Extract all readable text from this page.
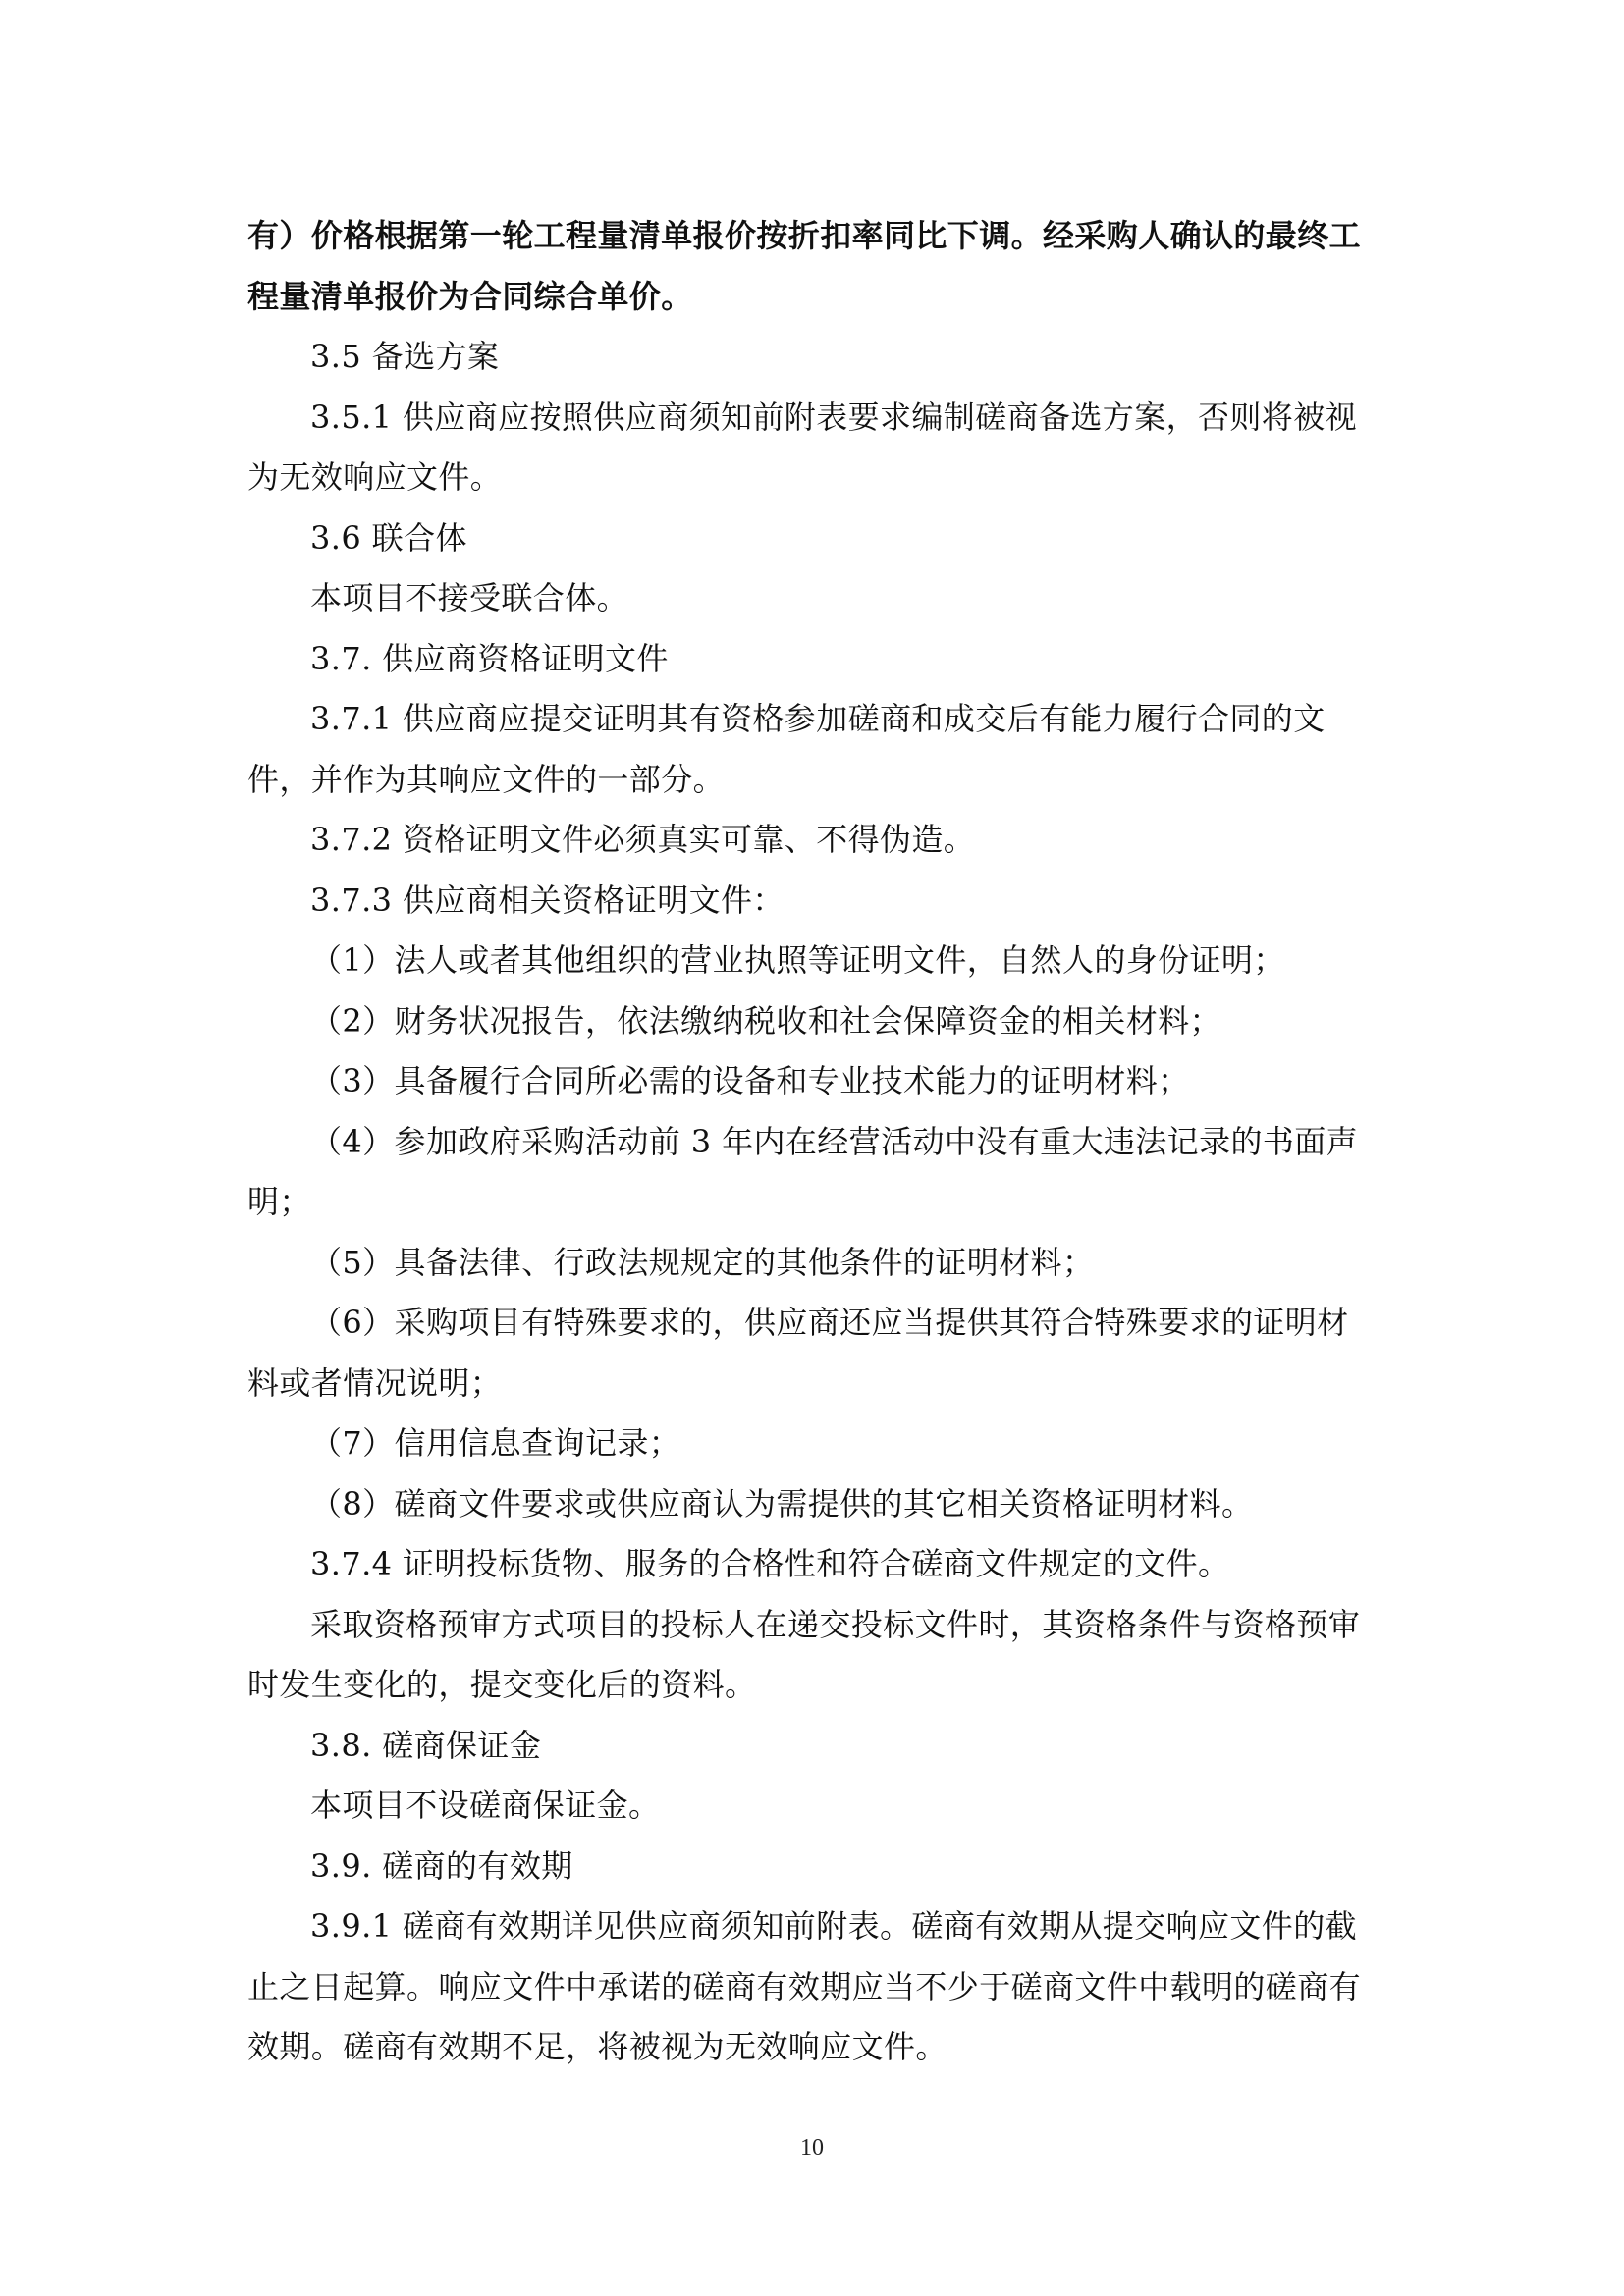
有）价格根据第一轮工程量清单报价按折扣率同比下调。经采购人确认的最终工
程量清单报价为合同综合单价。
3.5 备选方案
3.5.1 供应商应按照供应商须知前附表要求编制磋商备选方案，否则将被视
为无效响应文件。
3.6 联合体
本项目不接受联合体。
3.7. 供应商资格证明文件
3.7.1 供应商应提交证明其有资格参加磋商和成交后有能力履行合同的文
件，并作为其响应文件的一部分。
3.7.2 资格证明文件必须真实可靠、不得伪造。
3.7.3 供应商相关资格证明文件：
（1）法人或者其他组织的营业执照等证明文件，自然人的身份证明；
（2）财务状况报告，依法缴纳税收和社会保障资金的相关材料；
（3）具备履行合同所必需的设备和专业技术能力的证明材料；
（4）参加政府采购活动前 3 年内在经营活动中没有重大违法记录的书面声
明；
（5）具备法律、行政法规规定的其他条件的证明材料；
（6）采购项目有特殊要求的，供应商还应当提供其符合特殊要求的证明材
料或者情况说明；
（7）信用信息查询记录；
（8）磋商文件要求或供应商认为需提供的其它相关资格证明材料。
3.7.4 证明投标货物、服务的合格性和符合磋商文件规定的文件。
采取资格预审方式项目的投标人在递交投标文件时，其资格条件与资格预审
时发生变化的，提交变化后的资料。
3.8. 磋商保证金
本项目不设磋商保证金。
3.9. 磋商的有效期
3.9.1 磋商有效期详见供应商须知前附表。磋商有效期从提交响应文件的截
止之日起算。响应文件中承诺的磋商有效期应当不少于磋商文件中载明的磋商有
效期。磋商有效期不足，将被视为无效响应文件。
10
